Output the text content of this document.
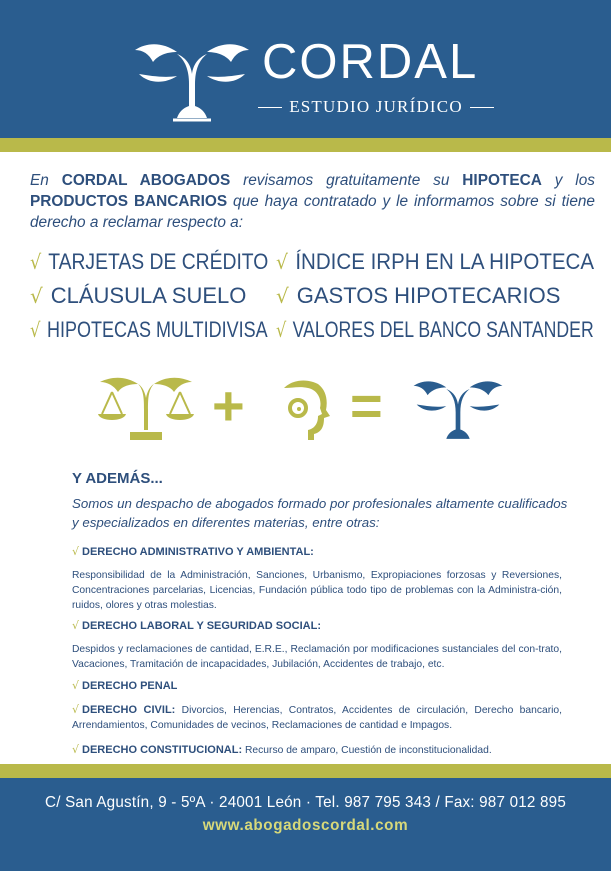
CORDAL
ESTUDIO JURÍDICO

En CORDAL ABOGADOS revisamos gratuitamente su HIPOTECA y los PRODUCTOS BANCARIOS que haya contratado y le informamos sobre si tiene derecho a reclamar respecto a:

√ TARJETAS DE CRÉDITO
√ CLÁUSULA SUELO
√ HIPOTECAS MULTIDIVISA
√ ÍNDICE IRPH EN LA HIPOTECA
√ GASTOS HIPOTECARIOS
√ VALORES DEL BANCO SANTANDER
+ =
Y ADEMÁS...

Somos un despacho de abogados formado por profesionales altamente cualificados y especializados en diferentes materias, entre otras:

√ DERECHO ADMINISTRATIVO Y AMBIENTAL:
Responsibilidad de la Administración, Sanciones, Urbanismo, Expropiaciones forzosas y Reversiones, Concentraciones parcelarias, Licencias, Fundación pública todo tipo de problemas con la Administra-ción, ruidos, olores y otras molestias.
√ DERECHO LABORAL Y SEGURIDAD SOCIAL:
Despidos y reclamaciones de cantidad, E.R.E., Reclamación por modificaciones sustanciales del con-trato, Vacaciones, Tramitación de incapacidades, Jubilación, Accidentes de trabajo, etc.
√ DERECHO PENAL
√ DERECHO CIVIL: Divorcios, Herencias, Contratos, Accidentes de circulación, Derecho bancario, Arrendamientos, Comunidades de vecinos, Reclamaciones de cantidad e Impagos.
√ DERECHO CONSTITUCIONAL: Recurso de amparo, Cuestión de inconstitucionalidad.
C/ San Agustín, 9 - 5ºA · 24001 León · Tel. 987 795 343 / Fax: 987 012 895
www.abogadoscordal.com
